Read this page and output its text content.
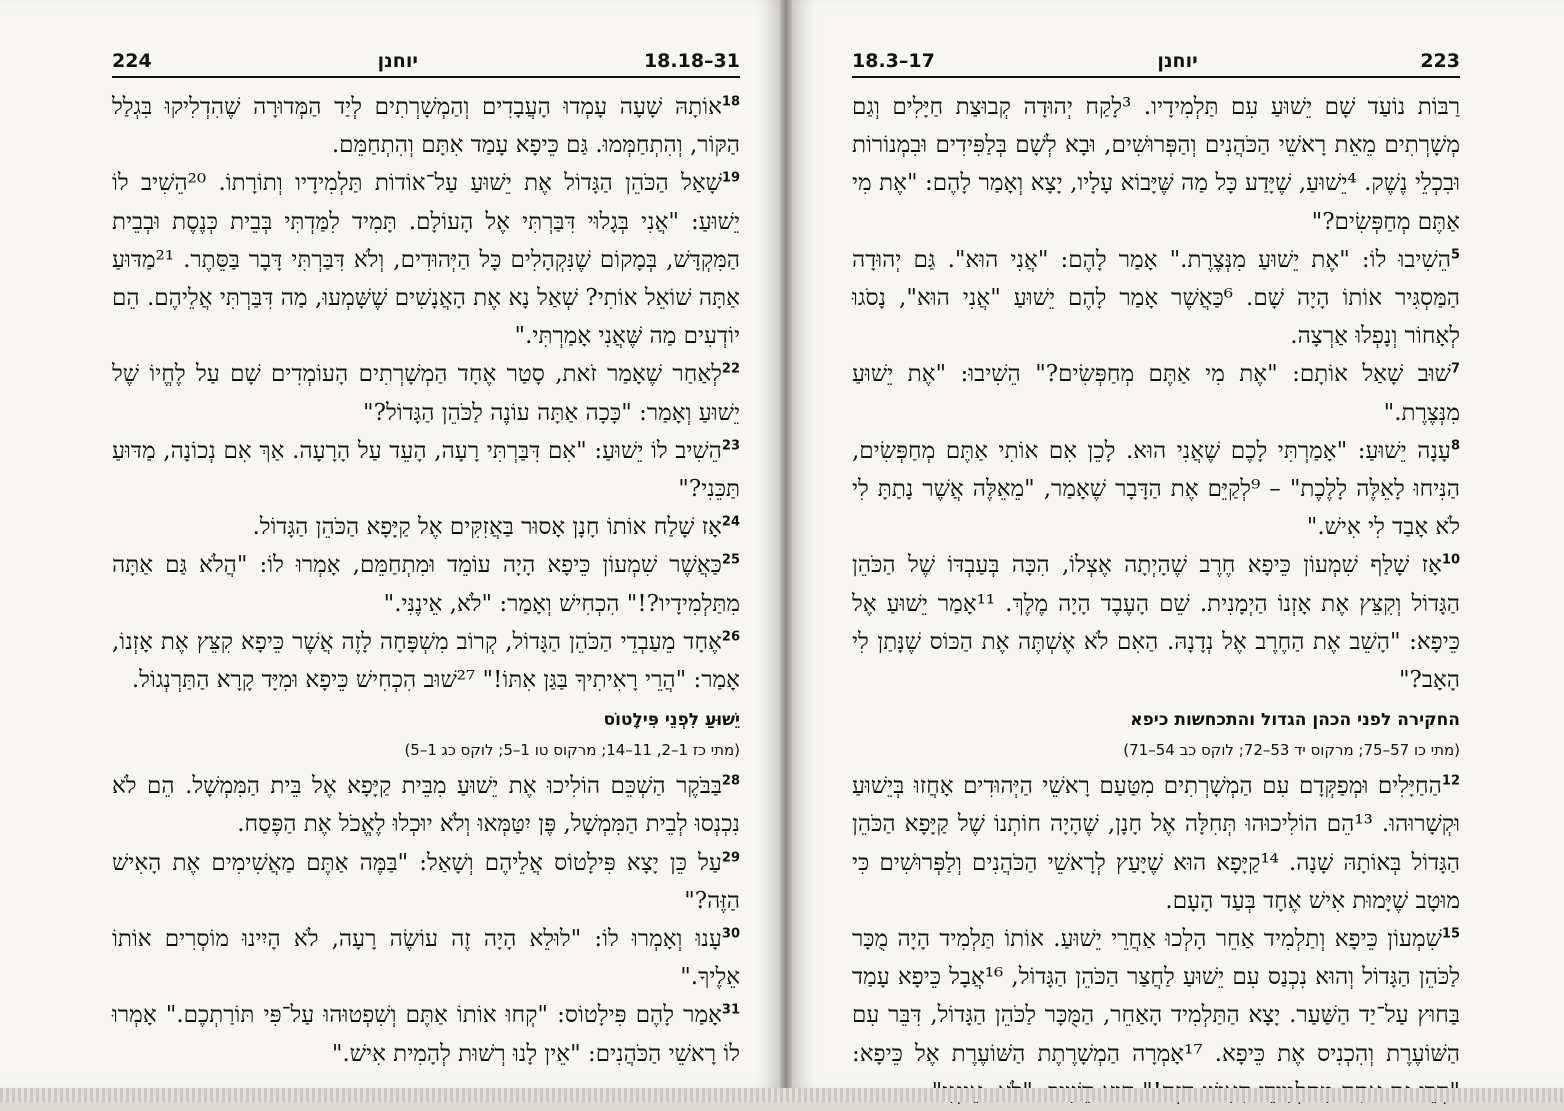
224	יוחנן	18.18–31

$^{18}$אוֹתָהּ שָׁעָה עָמְדוּ הָעֲבָדִים וְהַמְשָׁרְתִים לְיַד הַמְּדוּרָה שֶׁהִדְלִיקוּ בִּגְלַל הַקּוֹר, וְהִתְחַמְּמוּ. גַּם כֵּיפָא עָמַד אִתָּם וְהִתְחַמֵּם.

$^{19}$שָׁאַל הַכֹּהֵן הַגָּדוֹל אֶת יֵשׁוּעַ עַל־אוֹדוֹת תַּלְמִידָיו וְתוֹרָתוֹ. ²⁰הֵשִׁיב לוֹ יֵשׁוּעַ: "אֲנִי בְּגָלוּי דִּבַּרְתִּי אֶל הָעוֹלָם. תָּמִיד לִמַּדְתִּי בְּבֵית כְּנֶסֶת וּבְבֵית הַמִּקְדָּשׁ, בְּמָקוֹם שֶׁנִּקְהָלִים כָּל הַיְּהוּדִים, וְלֹא דִּבַּרְתִּי דָּבָר בַּסֵּתֶר. ²¹מַדּוּעַ אַתָּה שׁוֹאֵל אוֹתִי? שְׁאַל נָא אֶת הָאֲנָשִׁים שֶׁשָּׁמְעוּ, מַה דִּבַּרְתִּי אֲלֵיהֶם. הֵם יוֹדְעִים מַה שֶּׁאֲנִי אָמַרְתִּי."

$^{22}$לְאַחַר שֶׁאָמַר זֹאת, סָטַר אֶחָד הַמְשָׁרְתִים הָעוֹמְדִים שָׁם עַל לֶחֱיוֹ שֶׁל יֵשׁוּעַ וְאָמַר: "כָּכָה אַתָּה עוֹנֶה לַכֹּהֵן הַגָּדוֹל?"

$^{23}$הֵשִׁיב לוֹ יֵשׁוּעַ: "אִם דִּבַּרְתִּי רָעָה, הָעֵד עַל הָרָעָה. אַךְ אִם נְכוֹנָה, מַדּוּעַ תַּכֵּנִי?"

$^{24}$אָז שָׁלַח אוֹתוֹ חָנָן אָסוּר בַּאֲזִקִּים אֶל קַיָּפָא הַכֹּהֵן הַגָּדוֹל.

$^{25}$כַּאֲשֶׁר שִׁמְעוֹן כֵּיפָא הָיָה עוֹמֵד וּמִתְחַמֵּם, אָמְרוּ לוֹ: "הֲלֹא גַּם אַתָּה מִתַּלְמִידָיו?!" הִכְחִישׁ וְאָמַר: "לֹא, אֵינֶנִּי."

$^{26}$אֶחָד מֵעַבְדֵי הַכֹּהֵן הַגָּדוֹל, קְרוֹב מִשְׁפָּחָה לָזֶה אֲשֶׁר כֵּיפָא קִצֵּץ אֶת אָזְנוֹ, אָמַר: "הֲרֵי רָאִיתִיךָ בַּגַּן אִתּוֹ!" ²⁷שׁוּב הִכְחִישׁ כֵּיפָא וּמִיָּד קָרָא הַתַּרְנְגוֹל.

יֵשׁוּעַ לִפְנֵי פִּילָטוֹס
(מתי כז 1–2, 11–14; מרקוס טו 1–5; לוקס כג 1–5)

$^{28}$בַּבֹּקֶר הַשְׁכֵּם הוֹלִיכוּ אֶת יֵשׁוּעַ מִבֵּית קַיָּפָא אֶל בֵּית הַמִּמְשָׁל. הֵם לֹא נִכְנְסוּ לְבֵית הַמִּמְשָׁל, פֶּן יִטַּמְּאוּ וְלֹא יוּכְלוּ לֶאֱכֹל אֶת הַפֶּסַח.

$^{29}$עַל כֵּן יָצָא פִּילָטוֹס אֲלֵיהֶם וְשָׁאַל: "בַּמֶּה אַתֶּם מַאֲשִׁימִים אֶת הָאִישׁ הַזֶּה?"

$^{30}$עָנוּ וְאָמְרוּ לוֹ: "לוּלֵא הָיָה זֶה עוֹשֶׂה רָעָה, לֹא הָיִינוּ מוֹסְרִים אוֹתוֹ אֵלֶיךָ."

$^{31}$אָמַר לָהֶם פִּילָטוֹס: "קְחוּ אוֹתוֹ אַתֶּם וְשִׁפְטוּהוּ עַל־פִּי תּוֹרַתְכֶם." אָמְרוּ לוֹ רָאשֵׁי הַכֹּהֲנִים: "אֵין לָנוּ רְשׁוּת לְהָמִית אִישׁ."

18.3–17	יוחנן	223

רַבּוֹת נוֹעַד שָׁם יֵשׁוּעַ עִם תַּלְמִידָיו. ³לָקַח יְהוּדָה קְבוּצַת חַיָּלִים וְגַם מְשָׁרְתִים מֵאֵת רָאשֵׁי הַכֹּהֲנִים וְהַפְּרוּשִׁים, וּבָא לְשָׁם בְּלַפִּידִים וּבִמְנוֹרוֹת וּבִכְלֵי נֶשֶׁק. ⁴יֵשׁוּעַ, שֶׁיָּדַע כָּל מַה שֶּׁיָּבוֹא עָלָיו, יָצָא וְאָמַר לָהֶם: "אֶת מִי אַתֶּם מְחַפְּשִׂים?"

$^5$הֵשִׁיבוּ לוֹ: "אֶת יֵשׁוּעַ מִנְּצֶרֶת." אָמַר לָהֶם: "אֲנִי הוּא". גַּם יְהוּדָה הַמַּסְגִּיר אוֹתוֹ הָיָה שָׁם. ⁶כַּאֲשֶׁר אָמַר לָהֶם יֵשׁוּעַ "אֲנִי הוּא", נָסֹגוּ לְאָחוֹר וְנָפְלוּ אַרְצָה.

$^7$שׁוּב שָׁאַל אוֹתָם: "אֶת מִי אַתֶּם מְחַפְּשִׂים?" הֵשִׁיבוּ: "אֶת יֵשׁוּעַ מִנְּצֶרֶת."

$^8$עָנָה יֵשׁוּעַ: "אָמַרְתִּי לָכֶם שֶׁאֲנִי הוּא. לָכֵן אִם אוֹתִי אַתֶּם מְחַפְּשִׂים, הַנִּיחוּ לָאֵלֶּה לָלֶכֶת" – ⁹לְקַיֵּם אֶת הַדָּבָר שֶׁאָמַר, "מֵאֵלֶּה אֲשֶׁר נָתַתָּ לִי לֹא אָבַד לִי אִישׁ."

$^{10}$אָז שָׁלַף שִׁמְעוֹן כֵּיפָא חֶרֶב שֶׁהָיְתָה אֶצְלוֹ, הִכָּה בְּעַבְדּוֹ שֶׁל הַכֹּהֵן הַגָּדוֹל וְקִצֵּץ אֶת אָזְנוֹ הַיְמָנִית. שֵׁם הָעֶבֶד הָיָה מֶלֶךְ. ¹¹אָמַר יֵשׁוּעַ אֶל כֵּיפָא: "הָשֵׁב אֶת הַחֶרֶב אֶל נְדָנָהּ. הַאִם לֹא אֶשְׁתֶּה אֶת הַכּוֹס שֶׁנָּתַן לִי הָאָב?"

החקירה לפני הכהן הגדול והתכחשות כיפא
(מתי כו 57–75; מרקוס יד 53–72; לוקס כב 54–71)

$^{12}$הַחַיָּלִים וּמְפַקְּדָם עִם הַמְשָׁרְתִים מִטַּעַם רָאשֵׁי הַיְּהוּדִים אָחֲזוּ בְּיֵשׁוּעַ וּקְשָׁרוּהוּ. ¹³הֵם הוֹלִיכוּהוּ תְּחִלָּה אֶל חָנָן, שֶׁהָיָה חוֹתְנוֹ שֶׁל קַיָּפָא הַכֹּהֵן הַגָּדוֹל בְּאוֹתָהּ שָׁנָה. ¹⁴קַיָּפָא הוּא שֶׁיָּעַץ לְרָאשֵׁי הַכֹּהֲנִים וְלַפְּרוּשִׁים כִּי מוּטָב שֶׁיָּמוּת אִישׁ אֶחָד בְּעַד הָעָם.

$^{15}$שִׁמְעוֹן כֵּיפָא וְתַלְמִיד אַחֵר הָלְכוּ אַחֲרֵי יֵשׁוּעַ. אוֹתוֹ תַּלְמִיד הָיָה מֻכָּר לַכֹּהֵן הַגָּדוֹל וְהוּא נִכְנַס עִם יֵשׁוּעַ לַחֲצַר הַכֹּהֵן הַגָּדוֹל, ¹⁶אֲבָל כֵּיפָא עָמַד בַּחוּץ עַל־יַד הַשַּׁעַר. יָצָא הַתַּלְמִיד הָאַחֵר, הַמֻּכָּר לַכֹּהֵן הַגָּדוֹל, דִּבֵּר עִם הַשּׁוֹעֶרֶת וְהִכְנִיס אֶת כֵּיפָא. ¹⁷אָמְרָה הַמְשָׁרֶתֶת הַשּׁוֹעֶרֶת אֶל כֵּיפָא:
